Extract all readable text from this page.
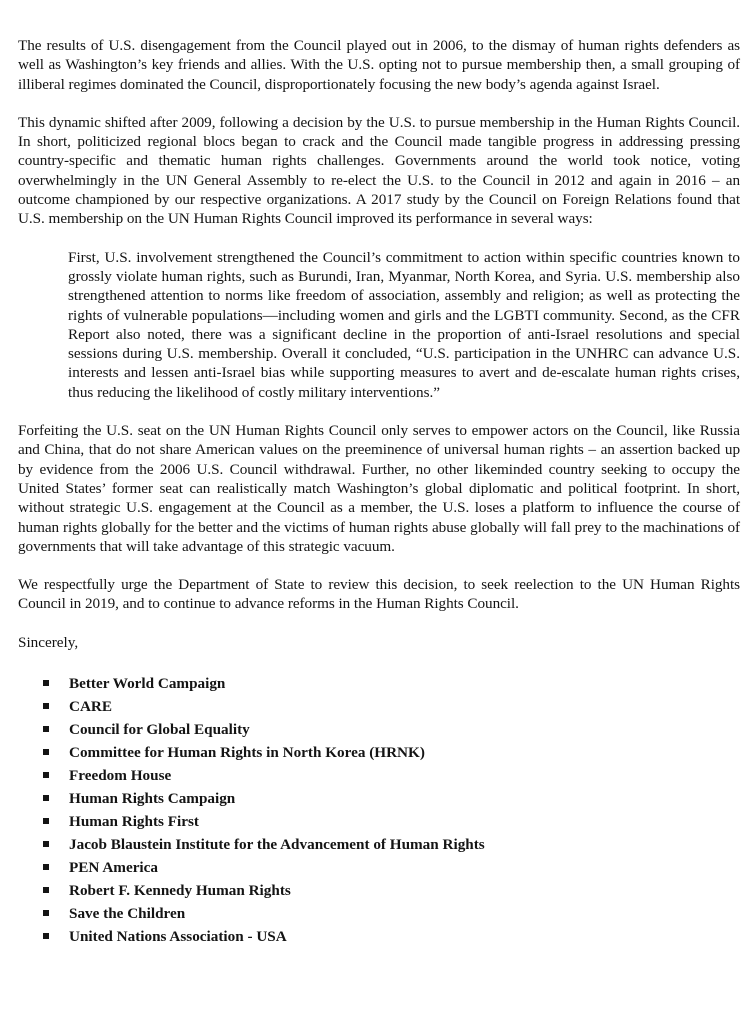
The results of U.S. disengagement from the Council played out in 2006, to the dismay of human rights defenders as well as Washington’s key friends and allies. With the U.S. opting not to pursue membership then, a small grouping of illiberal regimes dominated the Council, disproportionately focusing the new body’s agenda against Israel.

This dynamic shifted after 2009, following a decision by the U.S. to pursue membership in the Human Rights Council. In short, politicized regional blocs began to crack and the Council made tangible progress in addressing pressing country-specific and thematic human rights challenges. Governments around the world took notice, voting overwhelmingly in the UN General Assembly to re-elect the U.S. to the Council in 2012 and again in 2016 – an outcome championed by our respective organizations. A 2017 study by the Council on Foreign Relations found that U.S. membership on the UN Human Rights Council improved its performance in several ways:

First, U.S. involvement strengthened the Council’s commitment to action within specific countries known to grossly violate human rights, such as Burundi, Iran, Myanmar, North Korea, and Syria. U.S. membership also strengthened attention to norms like freedom of association, assembly and religion; as well as protecting the rights of vulnerable populations—including women and girls and the LGBTI community. Second, as the CFR Report also noted, there was a significant decline in the proportion of anti-Israel resolutions and special sessions during U.S. membership. Overall it concluded, “U.S. participation in the UNHRC can advance U.S. interests and lessen anti-Israel bias while supporting measures to avert and de-escalate human rights crises, thus reducing the likelihood of costly military interventions.”

Forfeiting the U.S. seat on the UN Human Rights Council only serves to empower actors on the Council, like Russia and China, that do not share American values on the preeminence of universal human rights – an assertion backed up by evidence from the 2006 U.S. Council withdrawal. Further, no other likeminded country seeking to occupy the United States’ former seat can realistically match Washington’s global diplomatic and political footprint. In short, without strategic U.S. engagement at the Council as a member, the U.S. loses a platform to influence the course of human rights globally for the better and the victims of human rights abuse globally will fall prey to the machinations of governments that will take advantage of this strategic vacuum.

We respectfully urge the Department of State to review this decision, to seek reelection to the UN Human Rights Council in 2019, and to continue to advance reforms in the Human Rights Council.

Sincerely,

Better World Campaign
CARE
Council for Global Equality
Committee for Human Rights in North Korea (HRNK)
Freedom House
Human Rights Campaign
Human Rights First
Jacob Blaustein Institute for the Advancement of Human Rights
PEN America
Robert F. Kennedy Human Rights
Save the Children
United Nations Association - USA
